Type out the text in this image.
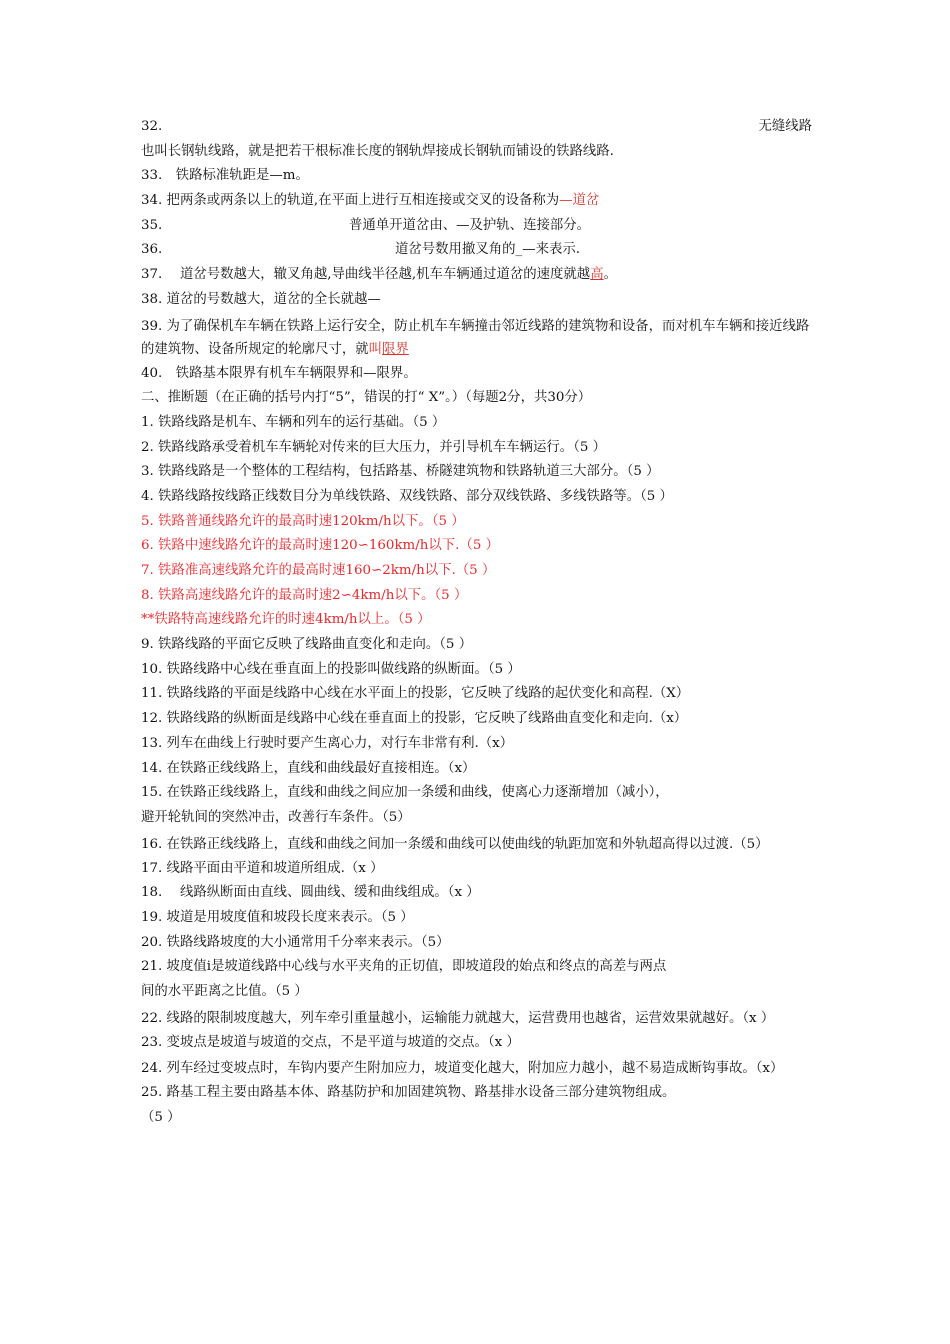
32.	无缝线路
也叫长钢轨线路，就是把若干根标准长度的钢轨焊接成长钢轨而铺设的铁路线路.
33.　铁路标准轨距是—m。
34. 把两条或两条以上的轨道,在平面上进行互相连接或交叉的设备称为—道岔
35.	普通单开道岔由、—及护轨、连接部分。
36.	道岔号数用撤叉角的_—来表示.
37.　 道岔号数越大，辙叉角越,导曲线半径越,机车车辆通过道岔的速度就越高。
38. 道岔的号数越大，道岔的全长就越—
39. 为了确保机车车辆在铁路上运行安全，防止机车车辆撞击邻近线路的建筑物和设备，而对机车车辆和接近线路的建筑物、设备所规定的轮廓尺寸，就叫限界
40.　铁路基本限界有机车车辆限界和—限界。
二、推断题（在正确的括号内打“5”，错误的打“ X”。）（每题2分，共30分）
1. 铁路线路是机车、车辆和列车的运行基础。（5 ）
2. 铁路线路承受着机车车辆轮对传来的巨大压力，并引导机车车辆运行。（5 ）
3. 铁路线路是一个整体的工程结构，包括路基、桥隧建筑物和铁路轨道三大部分。（5 ）
4. 铁路线路按线路正线数目分为单线铁路、双线铁路、部分双线铁路、多线铁路等。（5 ）
5. 铁路普通线路允许的最高时速120km/h以下。（5 ）
6. 铁路中速线路允许的最高时速120∽160km/h以下.（5 ）
7. 铁路准高速线路允许的最高时速160∽2km/h以下.（5 ）
8. 铁路高速线路允许的最高时速2∽4km/h以下。（5 ）
**铁路特高速线路允许的时速4km/h以上。（5 ）
9. 铁路线路的平面它反映了线路曲直变化和走向。（5 ）
10. 铁路线路中心线在垂直面上的投影叫做线路的纵断面。（5 ）
11. 铁路线路的平面是线路中心线在水平面上的投影，它反映了线路的起伏变化和高程.（X）
12. 铁路线路的纵断面是线路中心线在垂直面上的投影，它反映了线路曲直变化和走向.（x）
13. 列车在曲线上行驶时要产生离心力，对行车非常有利.（x）
14. 在铁路正线线路上，直线和曲线最好直接相连。（x）
15. 在铁路正线线路上，直线和曲线之间应加一条缓和曲线，使离心力逐渐增加（减小），
避开轮轨间的突然冲击，改善行车条件。（5）
16. 在铁路正线线路上，直线和曲线之间加一条缓和曲线可以使曲线的轨距加宽和外轨超高得以过渡.（5）
17. 线路平面由平道和坡道所组成.（x ）
18.　 线路纵断面由直线、圆曲线、缓和曲线组成。（x ）
19. 坡道是用坡度值和坡段长度来表示。（5 ）
20. 铁路线路坡度的大小通常用千分率来表示。（5）
21. 坡度值i是坡道线路中心线与水平夹角的正切值，即坡道段的始点和终点的高差与两点
间的水平距离之比值。（5 ）
22. 线路的限制坡度越大，列车牵引重量越小，运输能力就越大，运营费用也越省，运营效果就越好。（x ）
23. 变坡点是坡道与坡道的交点，不是平道与坡道的交点。（x ）
24. 列车经过变坡点时，车钩内要产生附加应力，坡道变化越大，附加应力越小，越不易造成断钩事故。（x）
25. 路基工程主要由路基本体、路基防护和加固建筑物、路基排水设备三部分建筑物组成。
（5 ）
